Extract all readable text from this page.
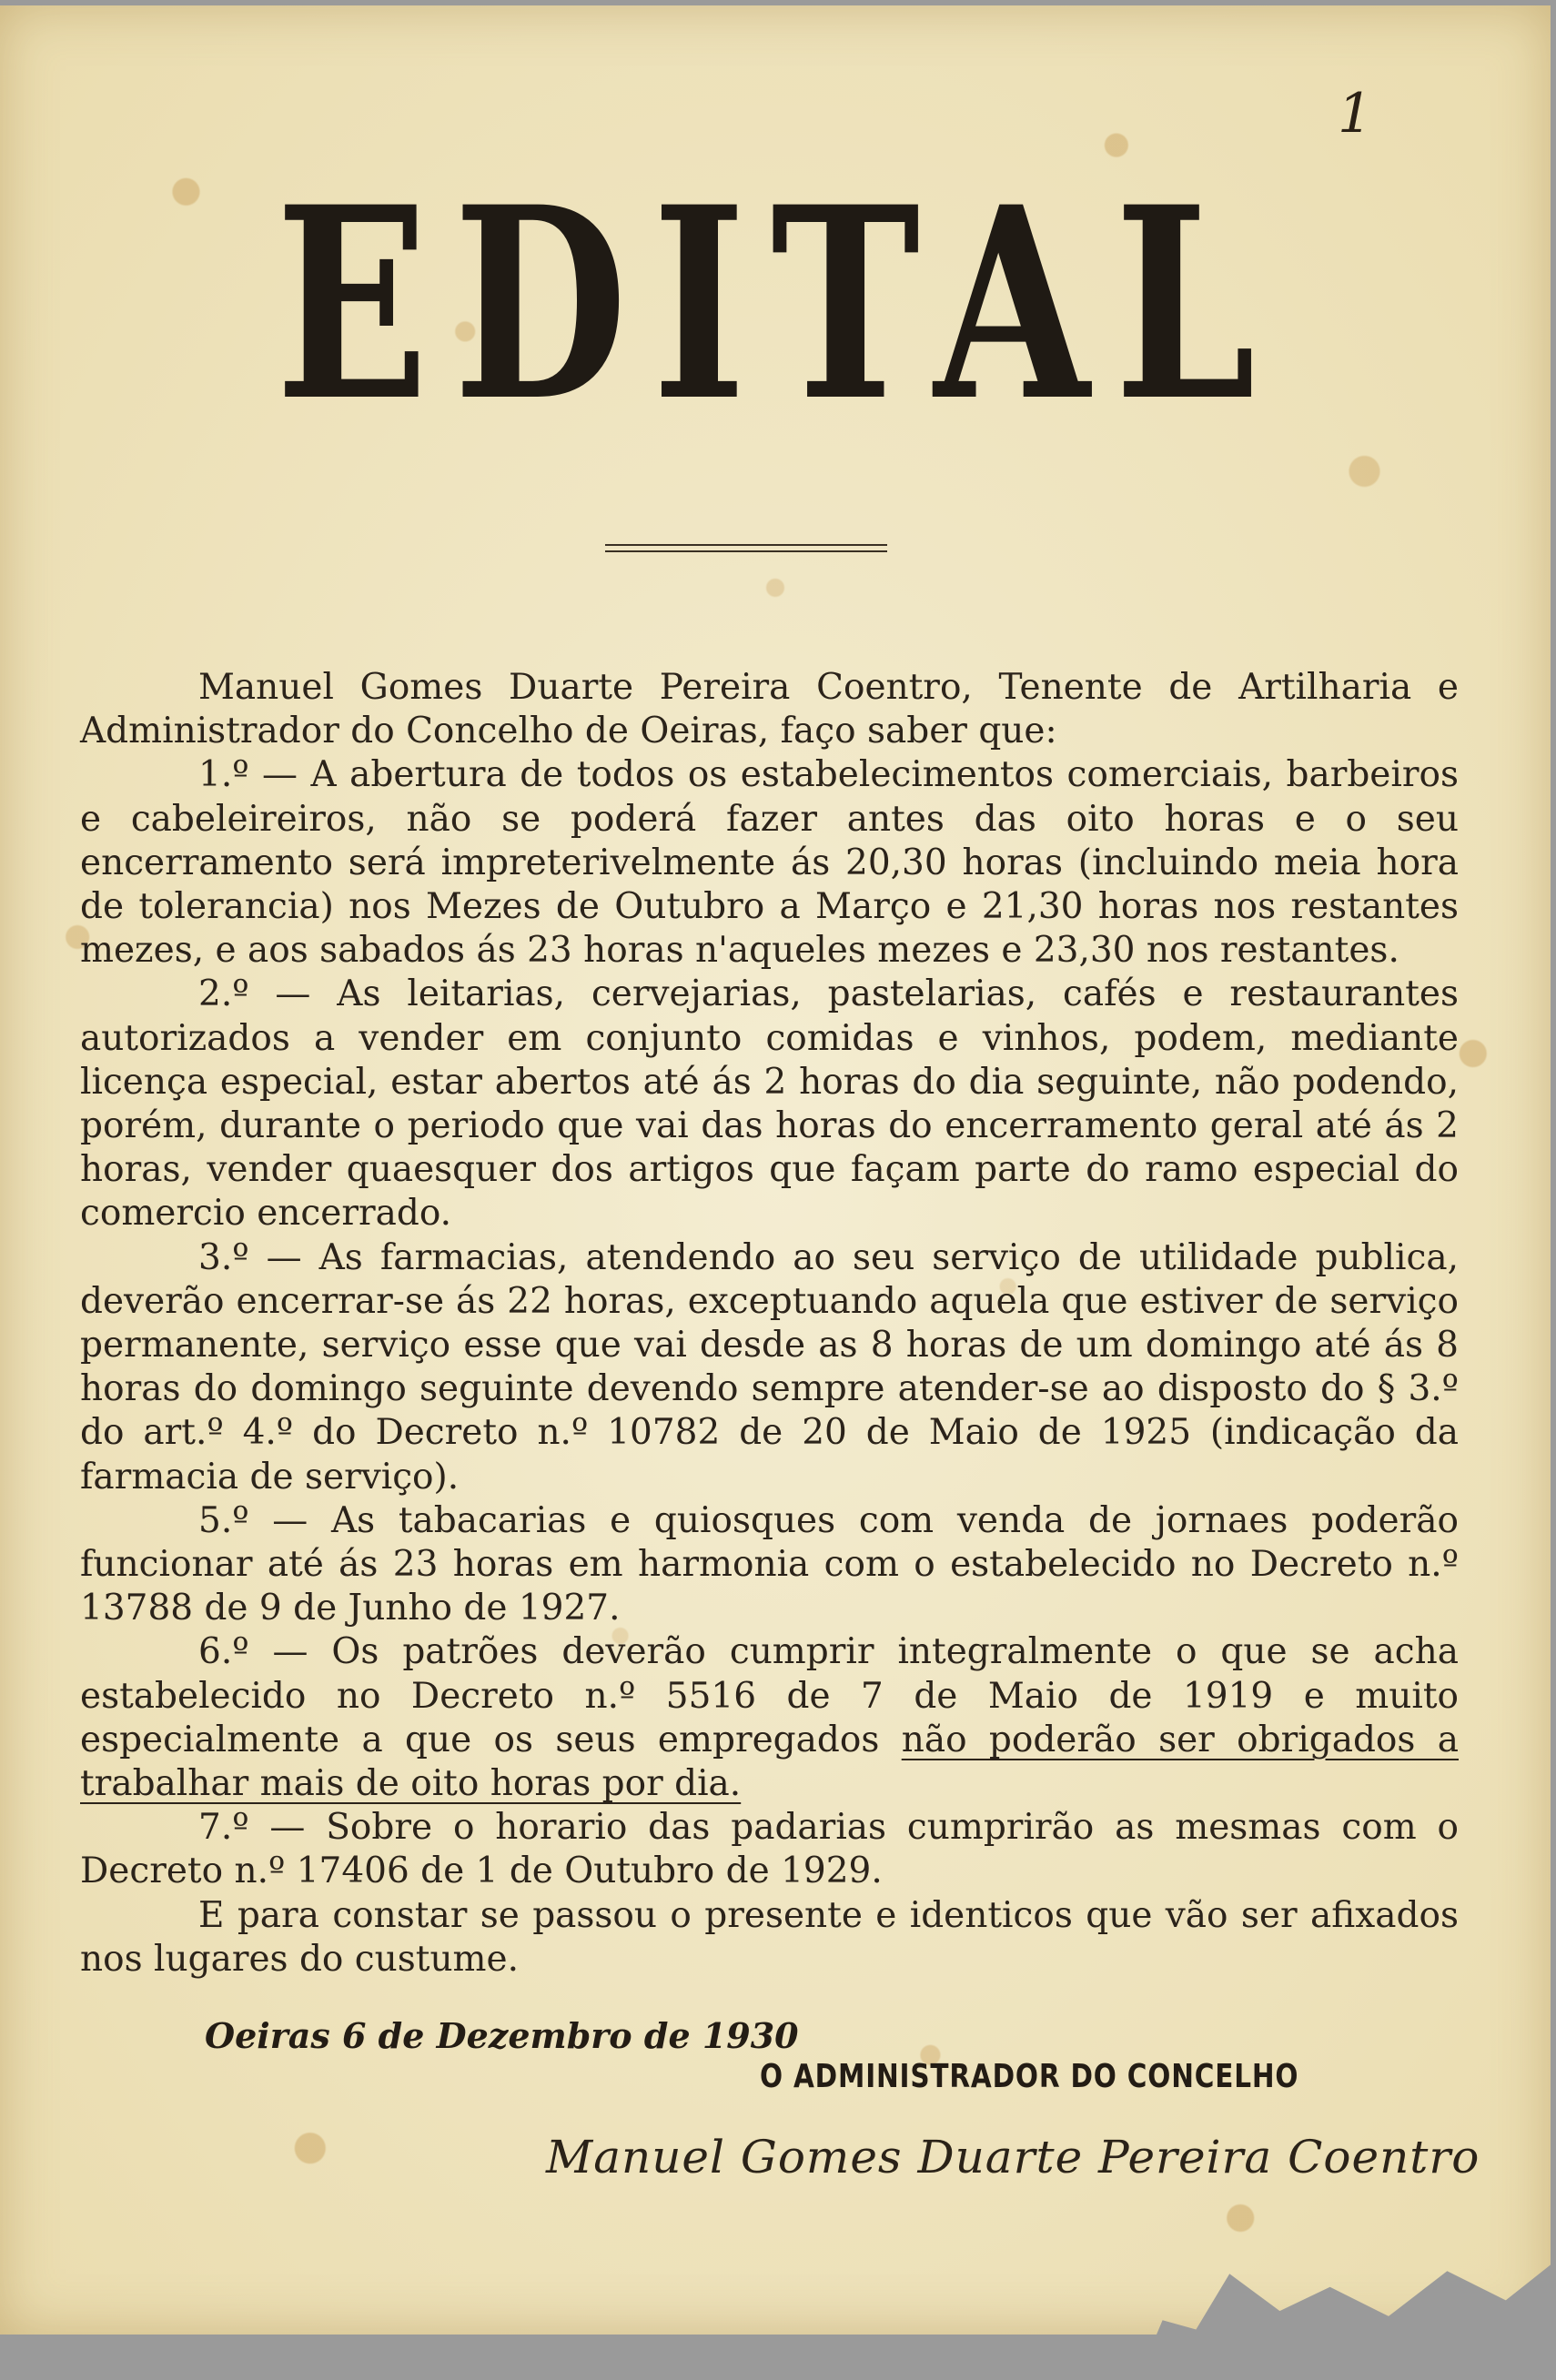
1
EDITAL

Manuel Gomes Duarte Pereira Coentro, Tenente de Artilharia e Administrador do Concelho de Oeiras, faço saber que:

1.º — A abertura de todos os estabelecimentos comerciais, barbeiros e cabeleireiros, não se poderá fazer antes das oito horas e o seu encerramento será impreterivelmente ás 20,30 horas (incluindo meia hora de tolerancia) nos Mezes de Outubro a Março e 21,30 horas nos restantes mezes, e aos sabados ás 23 horas n'aqueles mezes e 23,30 nos restantes.

2.º — As leitarias, cervejarias, pastelarias, cafés e restaurantes autorizados a vender em conjunto comidas e vinhos, podem, mediante licença especial, estar abertos até ás 2 horas do dia seguinte, não podendo, porém, durante o periodo que vai das horas do encerramento geral até ás 2 horas, vender quaesquer dos artigos que façam parte do ramo especial do comercio encerrado.

3.º — As farmacias, atendendo ao seu serviço de utilidade publica, deverão encerrar-se ás 22 horas, exceptuando aquela que estiver de serviço permanente, serviço esse que vai desde as 8 horas de um domingo até ás 8 horas do domingo seguinte devendo sempre atender-se ao disposto do § 3.º do art.º 4.º do Decreto n.º 10782 de 20 de Maio de 1925 (indicação da farmacia de serviço).

5.º — As tabacarias e quiosques com venda de jornaes poderão funcionar até ás 23 horas em harmonia com o estabelecido no Decreto n.º 13788 de 9 de Junho de 1927.

6.º — Os patrões deverão cumprir integralmente o que se acha estabelecido no Decreto n.º 5516 de 7 de Maio de 1919 e muito especialmente a que os seus empregados não poderão ser obrigados a trabalhar mais de oito horas por dia.

7.º — Sobre o horario das padarias cumprirão as mesmas com o Decreto n.º 17406 de 1 de Outubro de 1929.

E para constar se passou o presente e identicos que vão ser afixados nos lugares do custume.

Oeiras 6 de Dezembro de 1930
O ADMINISTRADOR DO CONCELHO
Manuel Gomes Duarte Pereira Coentro
